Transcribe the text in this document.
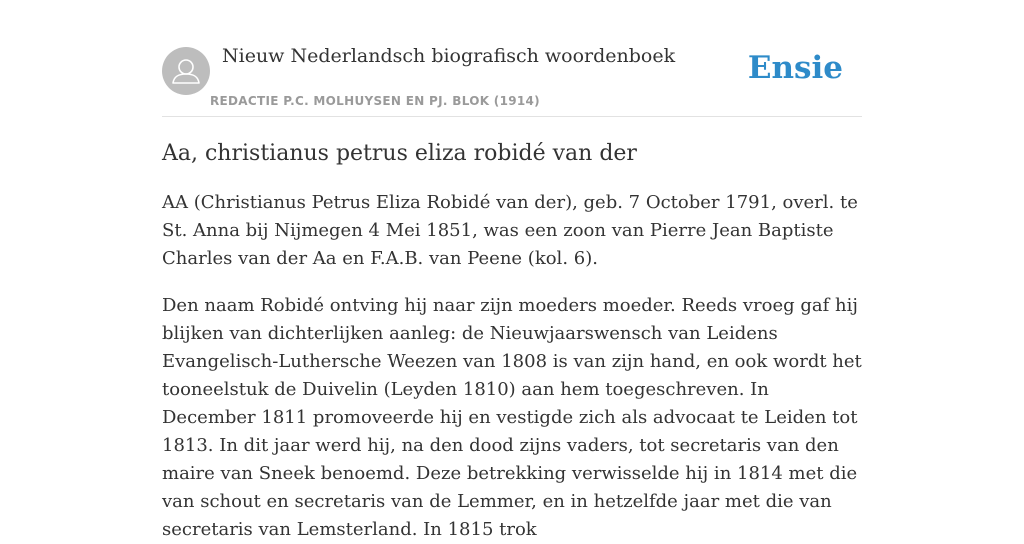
Nieuw Nederlandsch biografisch woordenboek
REDACTIE P.C. MOLHUYSEN EN PJ. BLOK (1914)
Ensie
Aa, christianus petrus eliza robidé van der

AA (Christianus Petrus Eliza Robidé van der), geb. 7 October 1791, overl. te St. Anna bij Nijmegen 4 Mei 1851, was een zoon van Pierre Jean Baptiste Charles van der Aa en F.A.B. van Peene (kol. 6).

Den naam Robidé ontving hij naar zijn moeders moeder. Reeds vroeg gaf hij blijken van dichterlijken aanleg: de Nieuwjaarswensch van Leidens Evangelisch-Luthersche Weezen van 1808 is van zijn hand, en ook wordt het tooneelstuk de Duivelin (Leyden 1810) aan hem toegeschreven. In December 1811 promoveerde hij en vestigde zich als advocaat te Leiden tot 1813. In dit jaar werd hij, na den dood zijns vaders, tot secretaris van den maire van Sneek benoemd. Deze betrekking verwisselde hij in 1814 met die van schout en secretaris van de Lemmer, en in hetzelfde jaar met die van secretaris van Lemsterland. In 1815 trok
